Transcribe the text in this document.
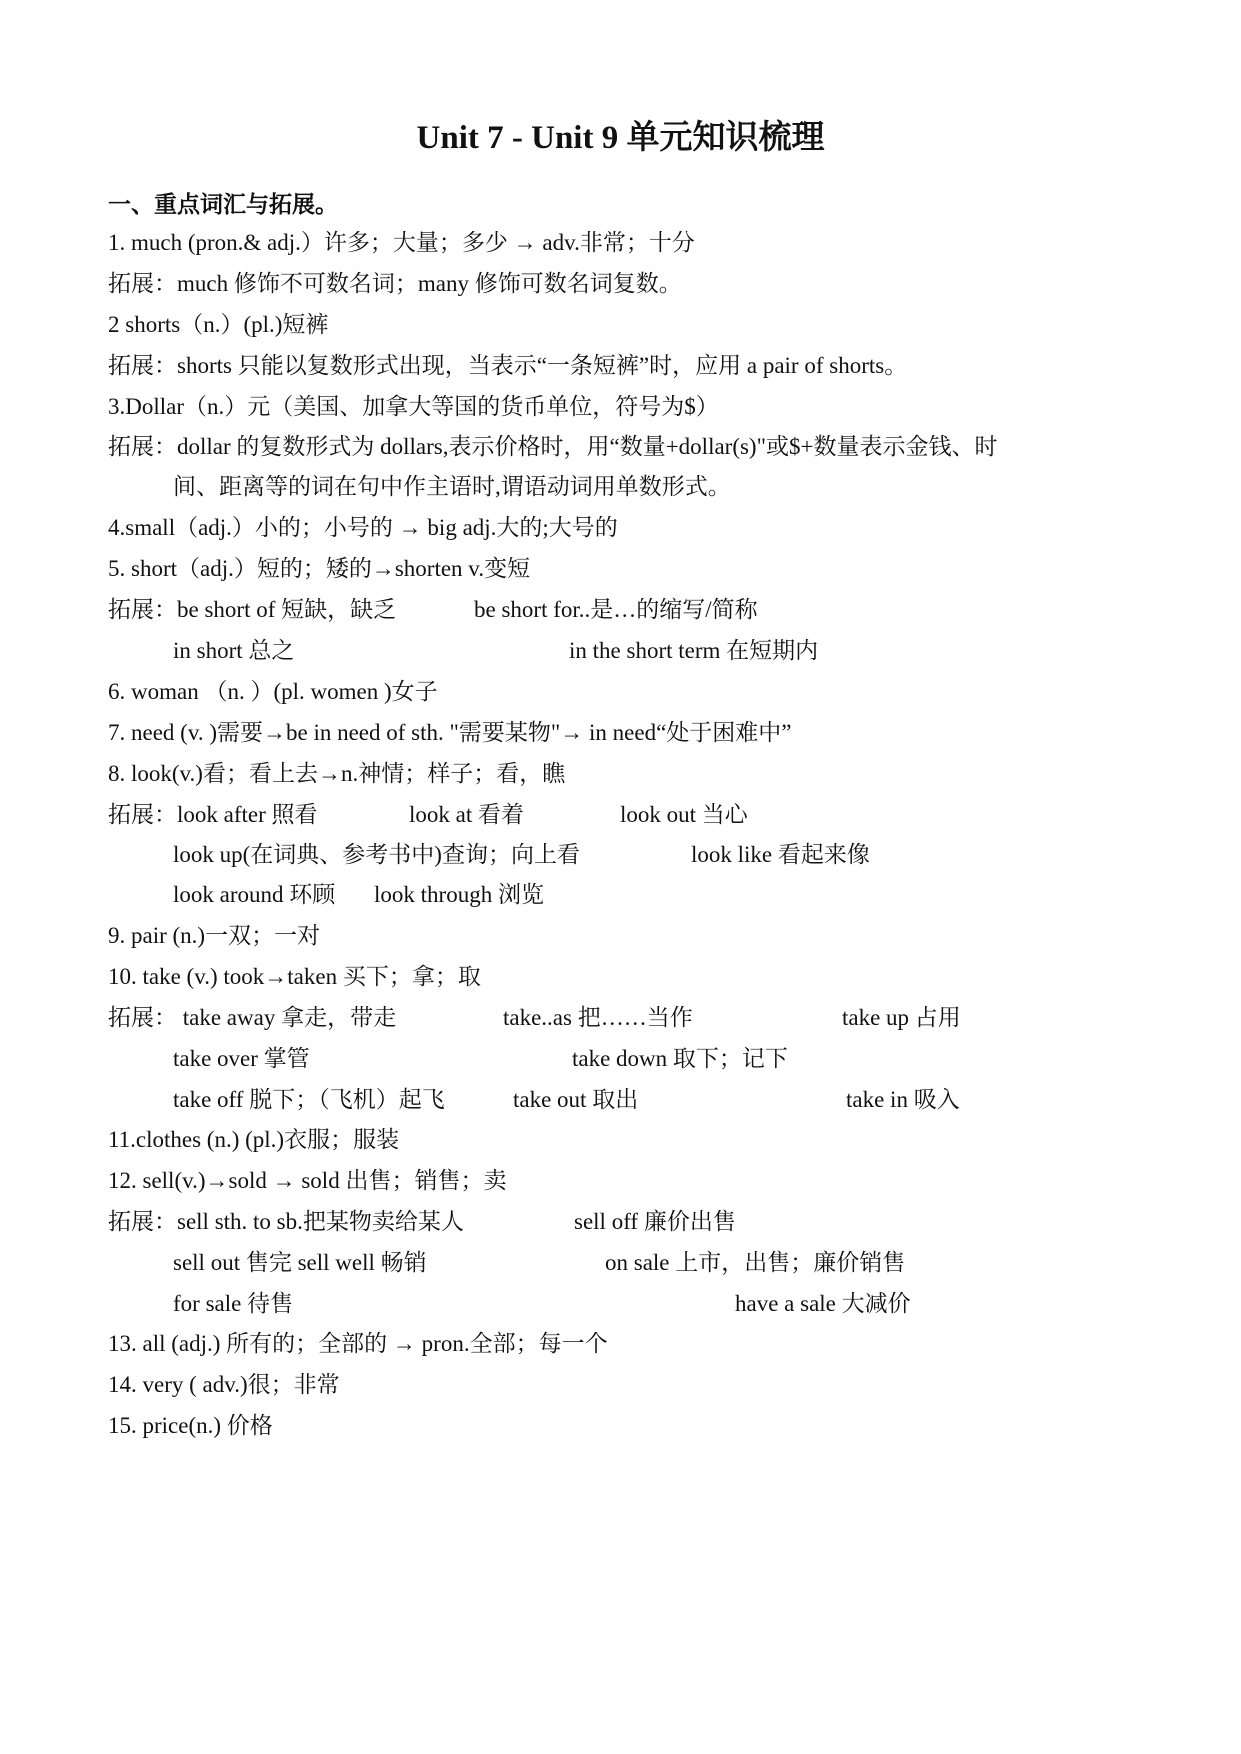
Unit 7 - Unit 9 单元知识梳理
一、重点词汇与拓展。
1. much (pron.& adj.）许多；大量；多少 → adv.非常；十分
拓展：much 修饰不可数名词；many 修饰可数名词复数。
2 shorts（n.）(pl.)短裤
拓展：shorts 只能以复数形式出现，当表示“一条短裤”时，应用 a pair of shorts。
3.Dollar（n.）元（美国、加拿大等国的货币单位，符号为$）
拓展：dollar 的复数形式为 dollars,表示价格时，用“数量+dollar(s)"或$+数量表示金钱、时
间、距离等的词在句中作主语时,谓语动词用单数形式。
4.small（adj.）小的；小号的 → big adj.大的;大号的
5. short（adj.）短的；矮的→shorten v.变短
拓展：be short of 短缺，缺乏	be short for..是…的缩写/简称
in short 总之	in the short term 在短期内
6. woman （n. ）(pl. women )女子
7. need (v. )需要→be in need of sth. "需要某物"→ in need“处于困难中”
8. look(v.)看；看上去→n.神情；样子；看，瞧
拓展：look after 照看	look at 看着	look out 当心
look up(在词典、参考书中)查询；向上看	look like 看起来像
look around 环顾 look through 浏览
9. pair (n.)一双；一对
10. take (v.) took→taken 买下；拿；取
拓展： take away 拿走，带走	take..as 把……当作	take up 占用
take over 掌管	take down 取下；记下
take off 脱下；（飞机）起飞	take out 取出	take in 吸入
11.clothes (n.) (pl.)衣服；服装
12. sell(v.)→sold → sold 出售；销售；卖
拓展：sell sth. to sb.把某物卖给某人	sell off 廉价出售
sell out 售完 sell well 畅销	on sale 上市，出售；廉价销售
for sale 待售	have a sale 大减价
13. all (adj.) 所有的；全部的 → pron.全部；每一个
14. very ( adv.)很；非常
15. price(n.) 价格
